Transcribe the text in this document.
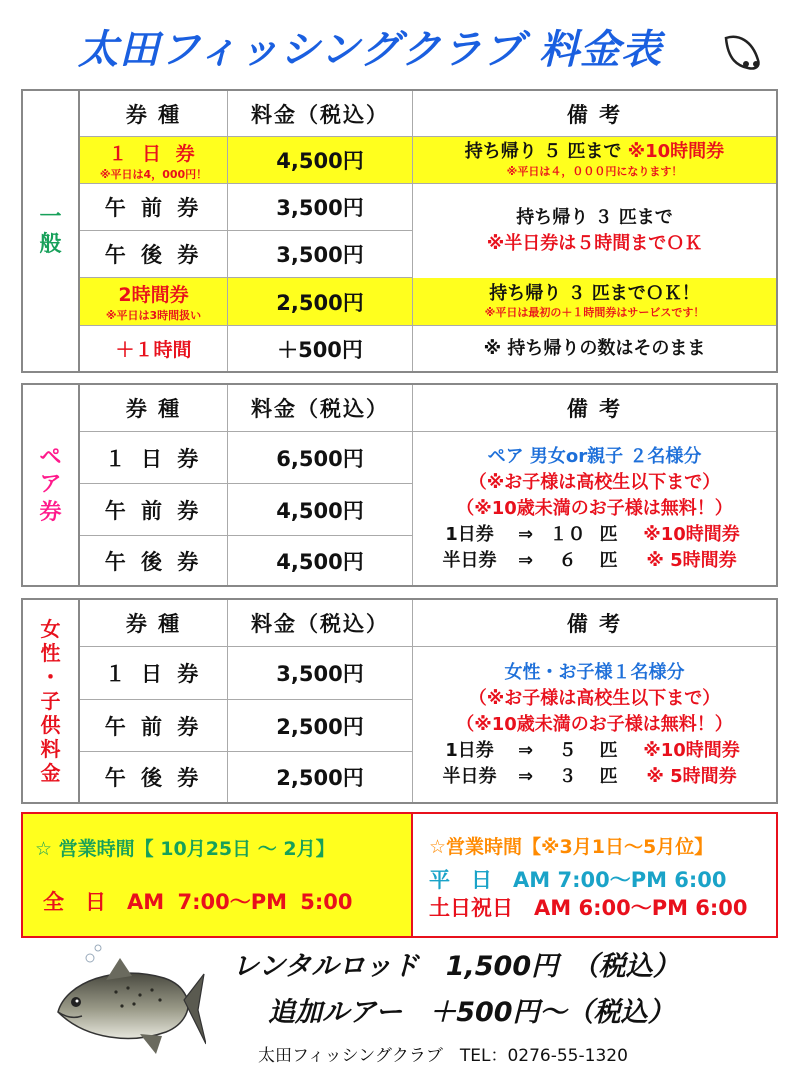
太田フィッシングクラブ 料金表
一
般
券 種	料金（税込）	備 考
１ 日 券
※平日は4，000円！
4,500円	持ち帰り ５ 匹まで ※10時間券
※平日は４，０００円になります！
午 前 券	3,500円
午 後 券	3,500円
持ち帰り ３ 匹まで
※半日券は５時間までＯＫ
2時間券
※平日は3時間扱い
2,500円	持ち帰り ３ 匹までＯＫ！
※平日は最初の＋１時間券はサービスです！
＋１時間	＋500円	※ 持ち帰りの数はそのまま
ペ
ア
券
券 種	料金（税込）	備 考
１ 日 券	6,500円
午 前 券	4,500円
午 後 券	4,500円
ペア 男女or親子 ２名様分
（※お子様は高校生以下まで）
（※10歳未満のお子様は無料！）
1日券	⇒ １０ 匹	※10時間券
半日券	⇒	６	匹	※ 5時間券
女
性
・
子
供
料
金
券 種	料金（税込）	備 考
１ 日 券	3,500円
午 前 券	2,500円
午 後 券	2,500円
女性・お子様１名様分
（※お子様は高校生以下まで）
（※10歳未満のお子様は無料！）
1日券	⇒	５	匹	※10時間券
半日券	⇒	３	匹	※ 5時間券
☆ 営業時間【 10月25日 ～ 2月】
全　日　AM 7:00～PM 5:00
☆営業時間【※3月1日～5月位】
平　日　AM 7:00～PM 6:00
土日祝日　AM 6:00～PM 6:00
レンタルロッド　1,500円　（税込）
追加ルアー　＋500円～（税込）
太田フィッシングクラブ　TEL：0276-55-1320
